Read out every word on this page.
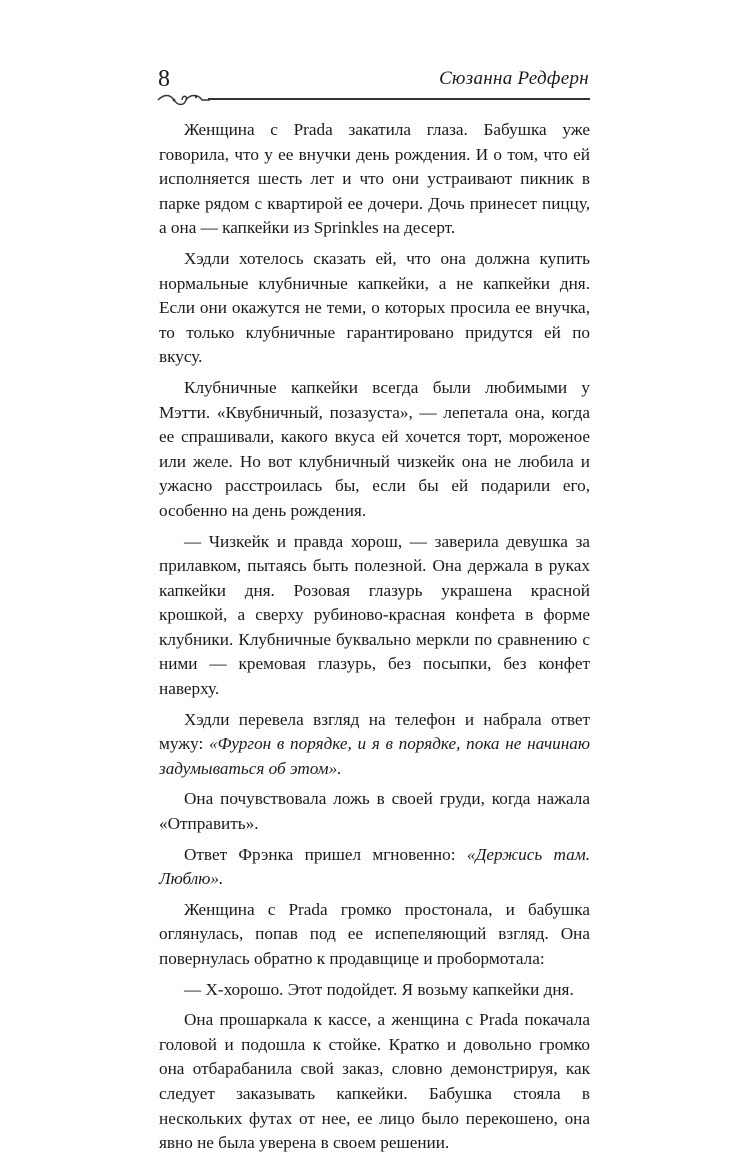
8	Сюзанна Редферн

Женщина с Prada закатила глаза. Бабушка уже говорила, что у ее внучки день рождения. И о том, что ей исполняется шесть лет и что они устраивают пикник в парке рядом с квартирой ее дочери. Дочь принесет пиццу, а она — капкейки из Sprinkles на десерт.

Хэдли хотелось сказать ей, что она должна купить нормальные клубничные капкейки, а не капкейки дня. Если они окажутся не теми, о которых просила ее внучка, то только клубничные гарантировано придутся ей по вкусу.

Клубничные капкейки всегда были любимыми у Мэтти. «Квубничный, позазуста», — лепетала она, когда ее спрашивали, какого вкуса ей хочется торт, мороженое или желе. Но вот клубничный чизкейк она не любила и ужасно расстроилась бы, если бы ей подарили его, особенно на день рождения.

— Чизкейк и правда хорош, — заверила девушка за прилавком, пытаясь быть полезной. Она держала в руках капкейки дня. Розовая глазурь украшена красной крошкой, а сверху рубиново-красная конфета в форме клубники. Клубничные буквально меркли по сравнению с ними — кремовая глазурь, без посыпки, без конфет наверху.

Хэдли перевела взгляд на телефон и набрала ответ мужу: «Фургон в порядке, и я в порядке, пока не начинаю задумываться об этом».

Она почувствовала ложь в своей груди, когда нажала «Отправить».

Ответ Фрэнка пришел мгновенно: «Держись там. Люблю».

Женщина с Prada громко простонала, и бабушка оглянулась, попав под ее испепеляющий взгляд. Она повернулась обратно к продавщице и пробормотала:

— Х-хорошо. Этот подойдет. Я возьму капкейки дня.

Она прошаркала к кассе, а женщина с Prada покачала головой и подошла к стойке. Кратко и довольно громко она отбарабанила свой заказ, словно демонстрируя, как следует заказывать капкейки. Бабушка стояла в нескольких футах от нее, ее лицо было перекошено, она явно не была уверена в своем решении.
